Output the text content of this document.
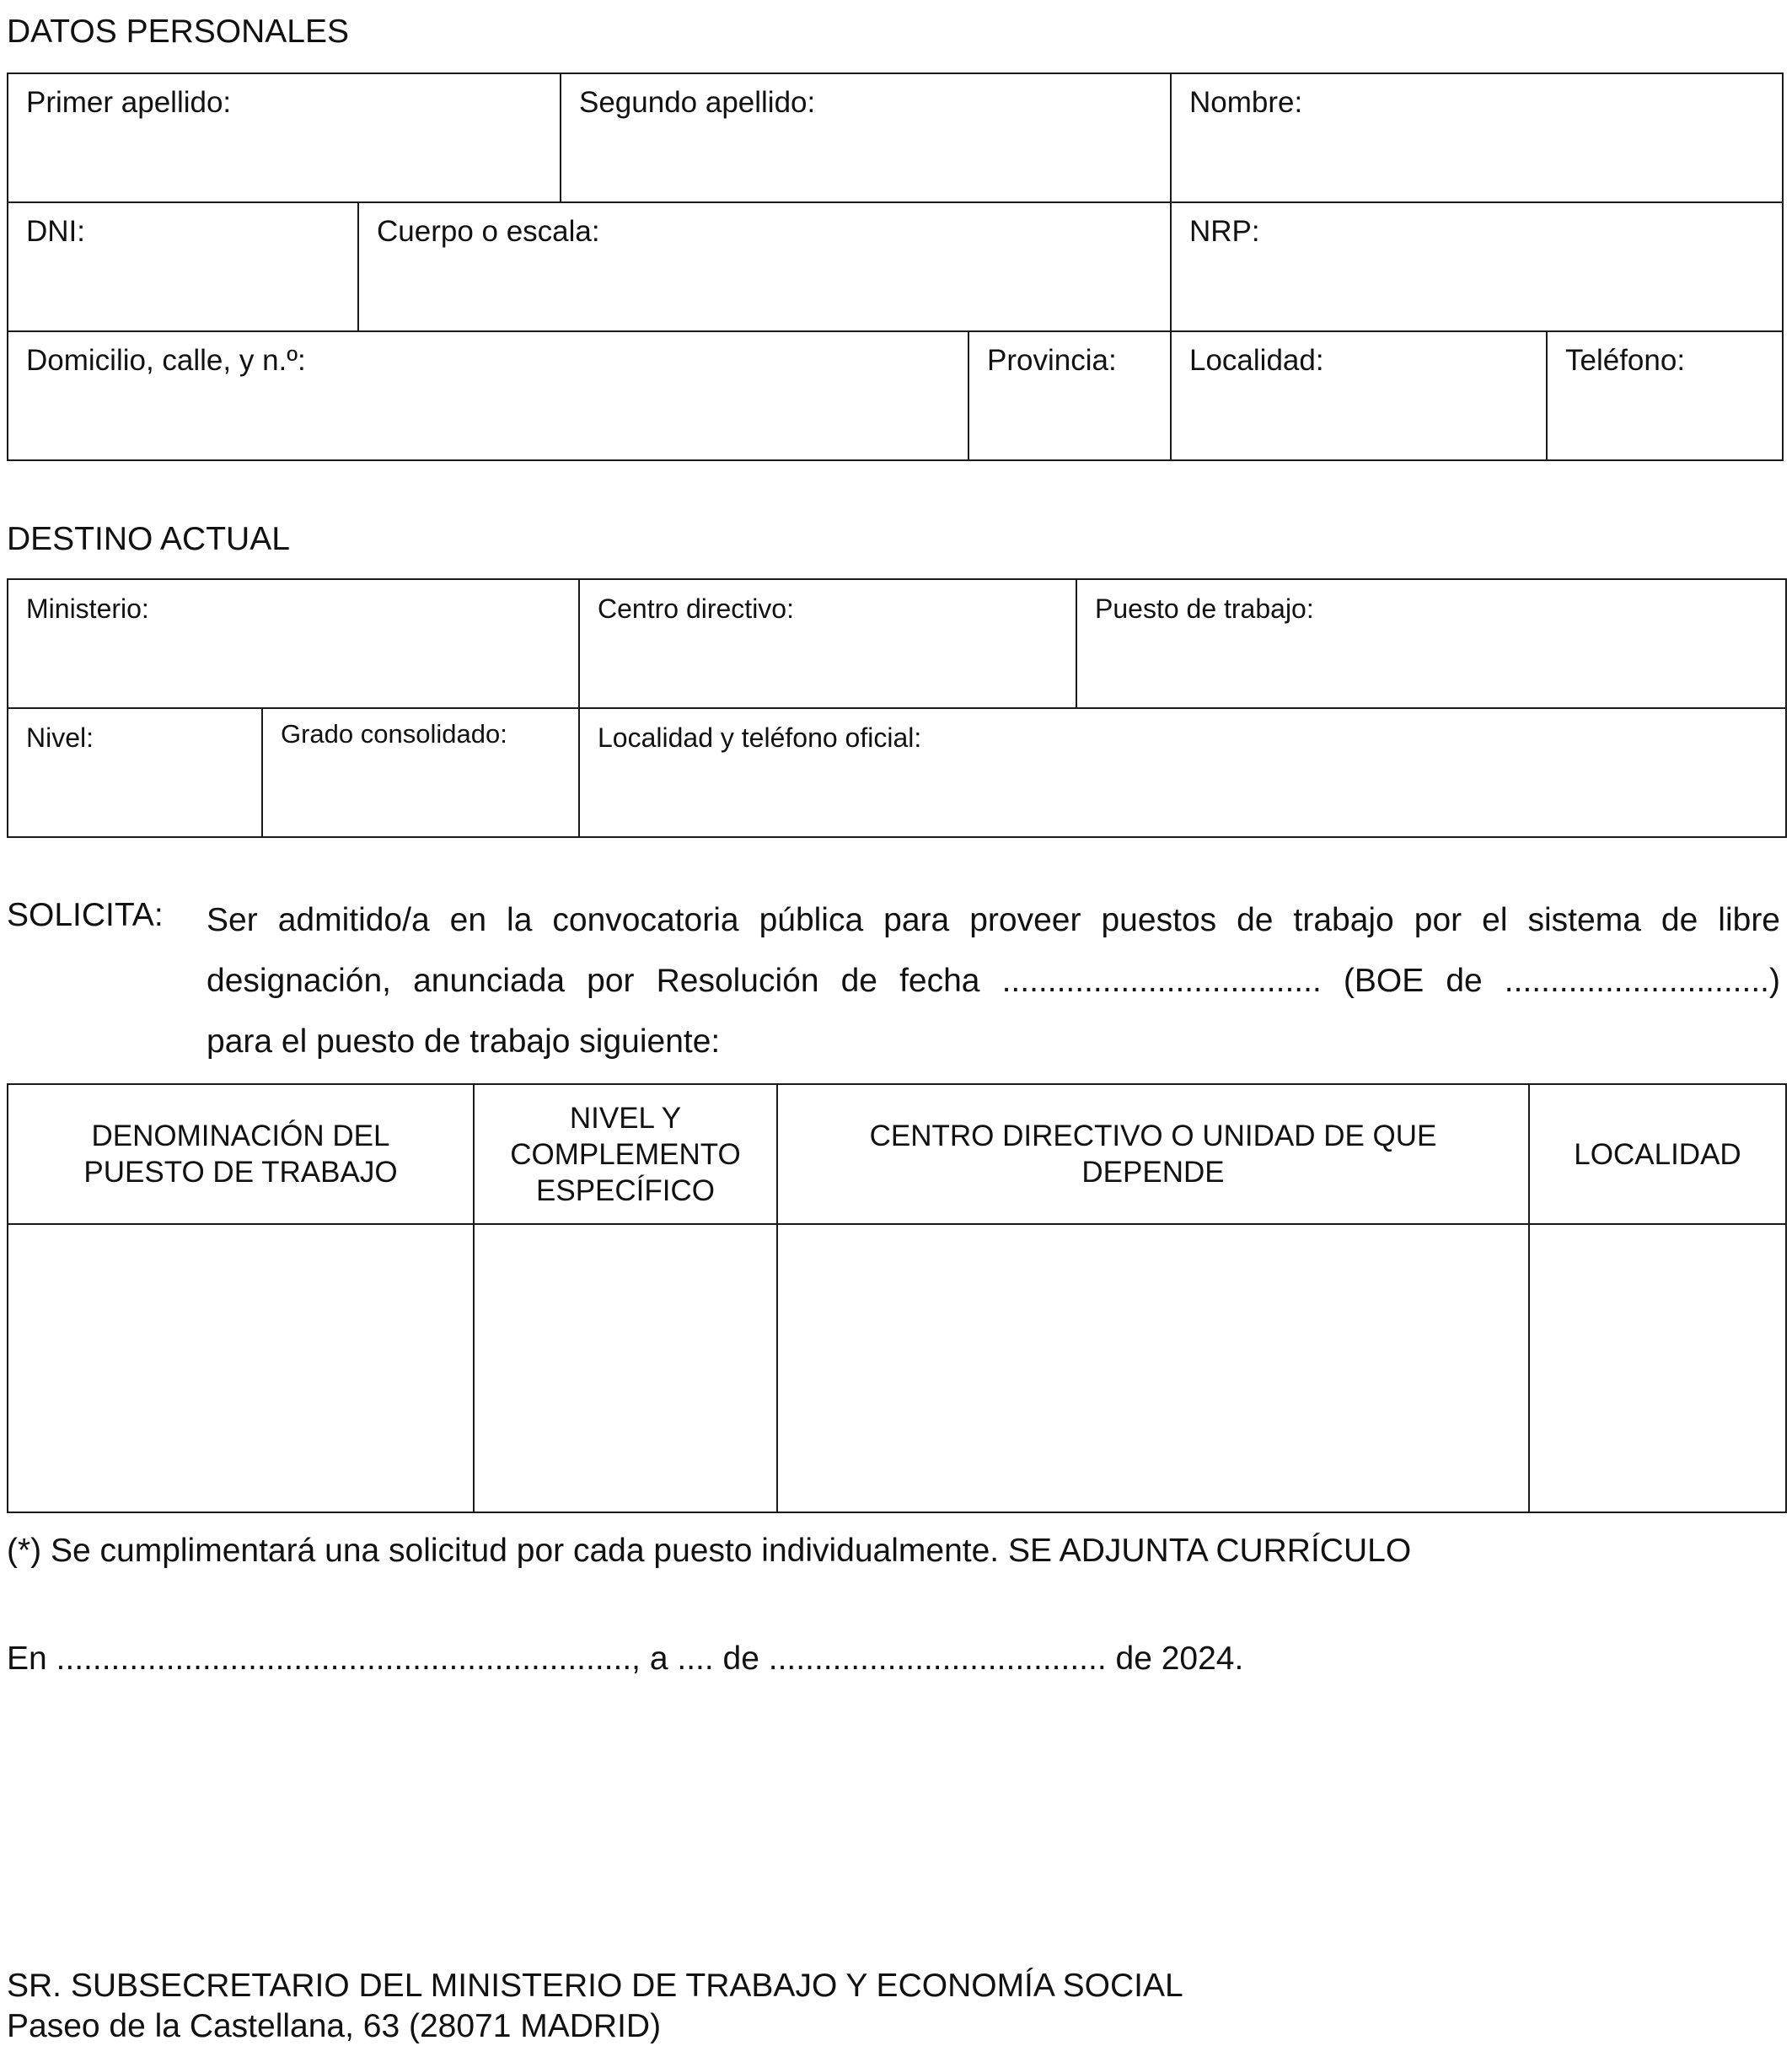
DATOS PERSONALES
Primer apellido:		Segundo apellido:		Nombre:	

DNI:	Cuerpo o escala:			NRP:	

Domicilio, calle, y n.º:			Provincia:	Localidad:	Teléfono:
DESTINO ACTUAL
Ministerio:		Centro directivo:	Puesto de trabajo:

Nivel:	Grado consolidado:	Localidad y teléfono oficial:	
SOLICITA: Ser admitido/a en la convocatoria pública para proveer puestos de trabajo por el sistema de libre
designación, anunciada por Resolución de fecha ................................... (BOE de .............................)
para el puesto de trabajo siguiente:
DENOMINACIÓN DEL PUESTO DE TRABAJO	NIVEL Y COMPLEMENTO ESPECÍFICO	CENTRO DIRECTIVO O UNIDAD DE QUE DEPENDE	LOCALIDAD

(*) Se cumplimentará una solicitud por cada puesto individualmente. SE ADJUNTA CURRÍCULO

En ..............................................................., a .... de ..................................... de 2024.

SR. SUBSECRETARIO DEL MINISTERIO DE TRABAJO Y ECONOMÍA SOCIAL

Paseo de la Castellana, 63 (28071 MADRID)
